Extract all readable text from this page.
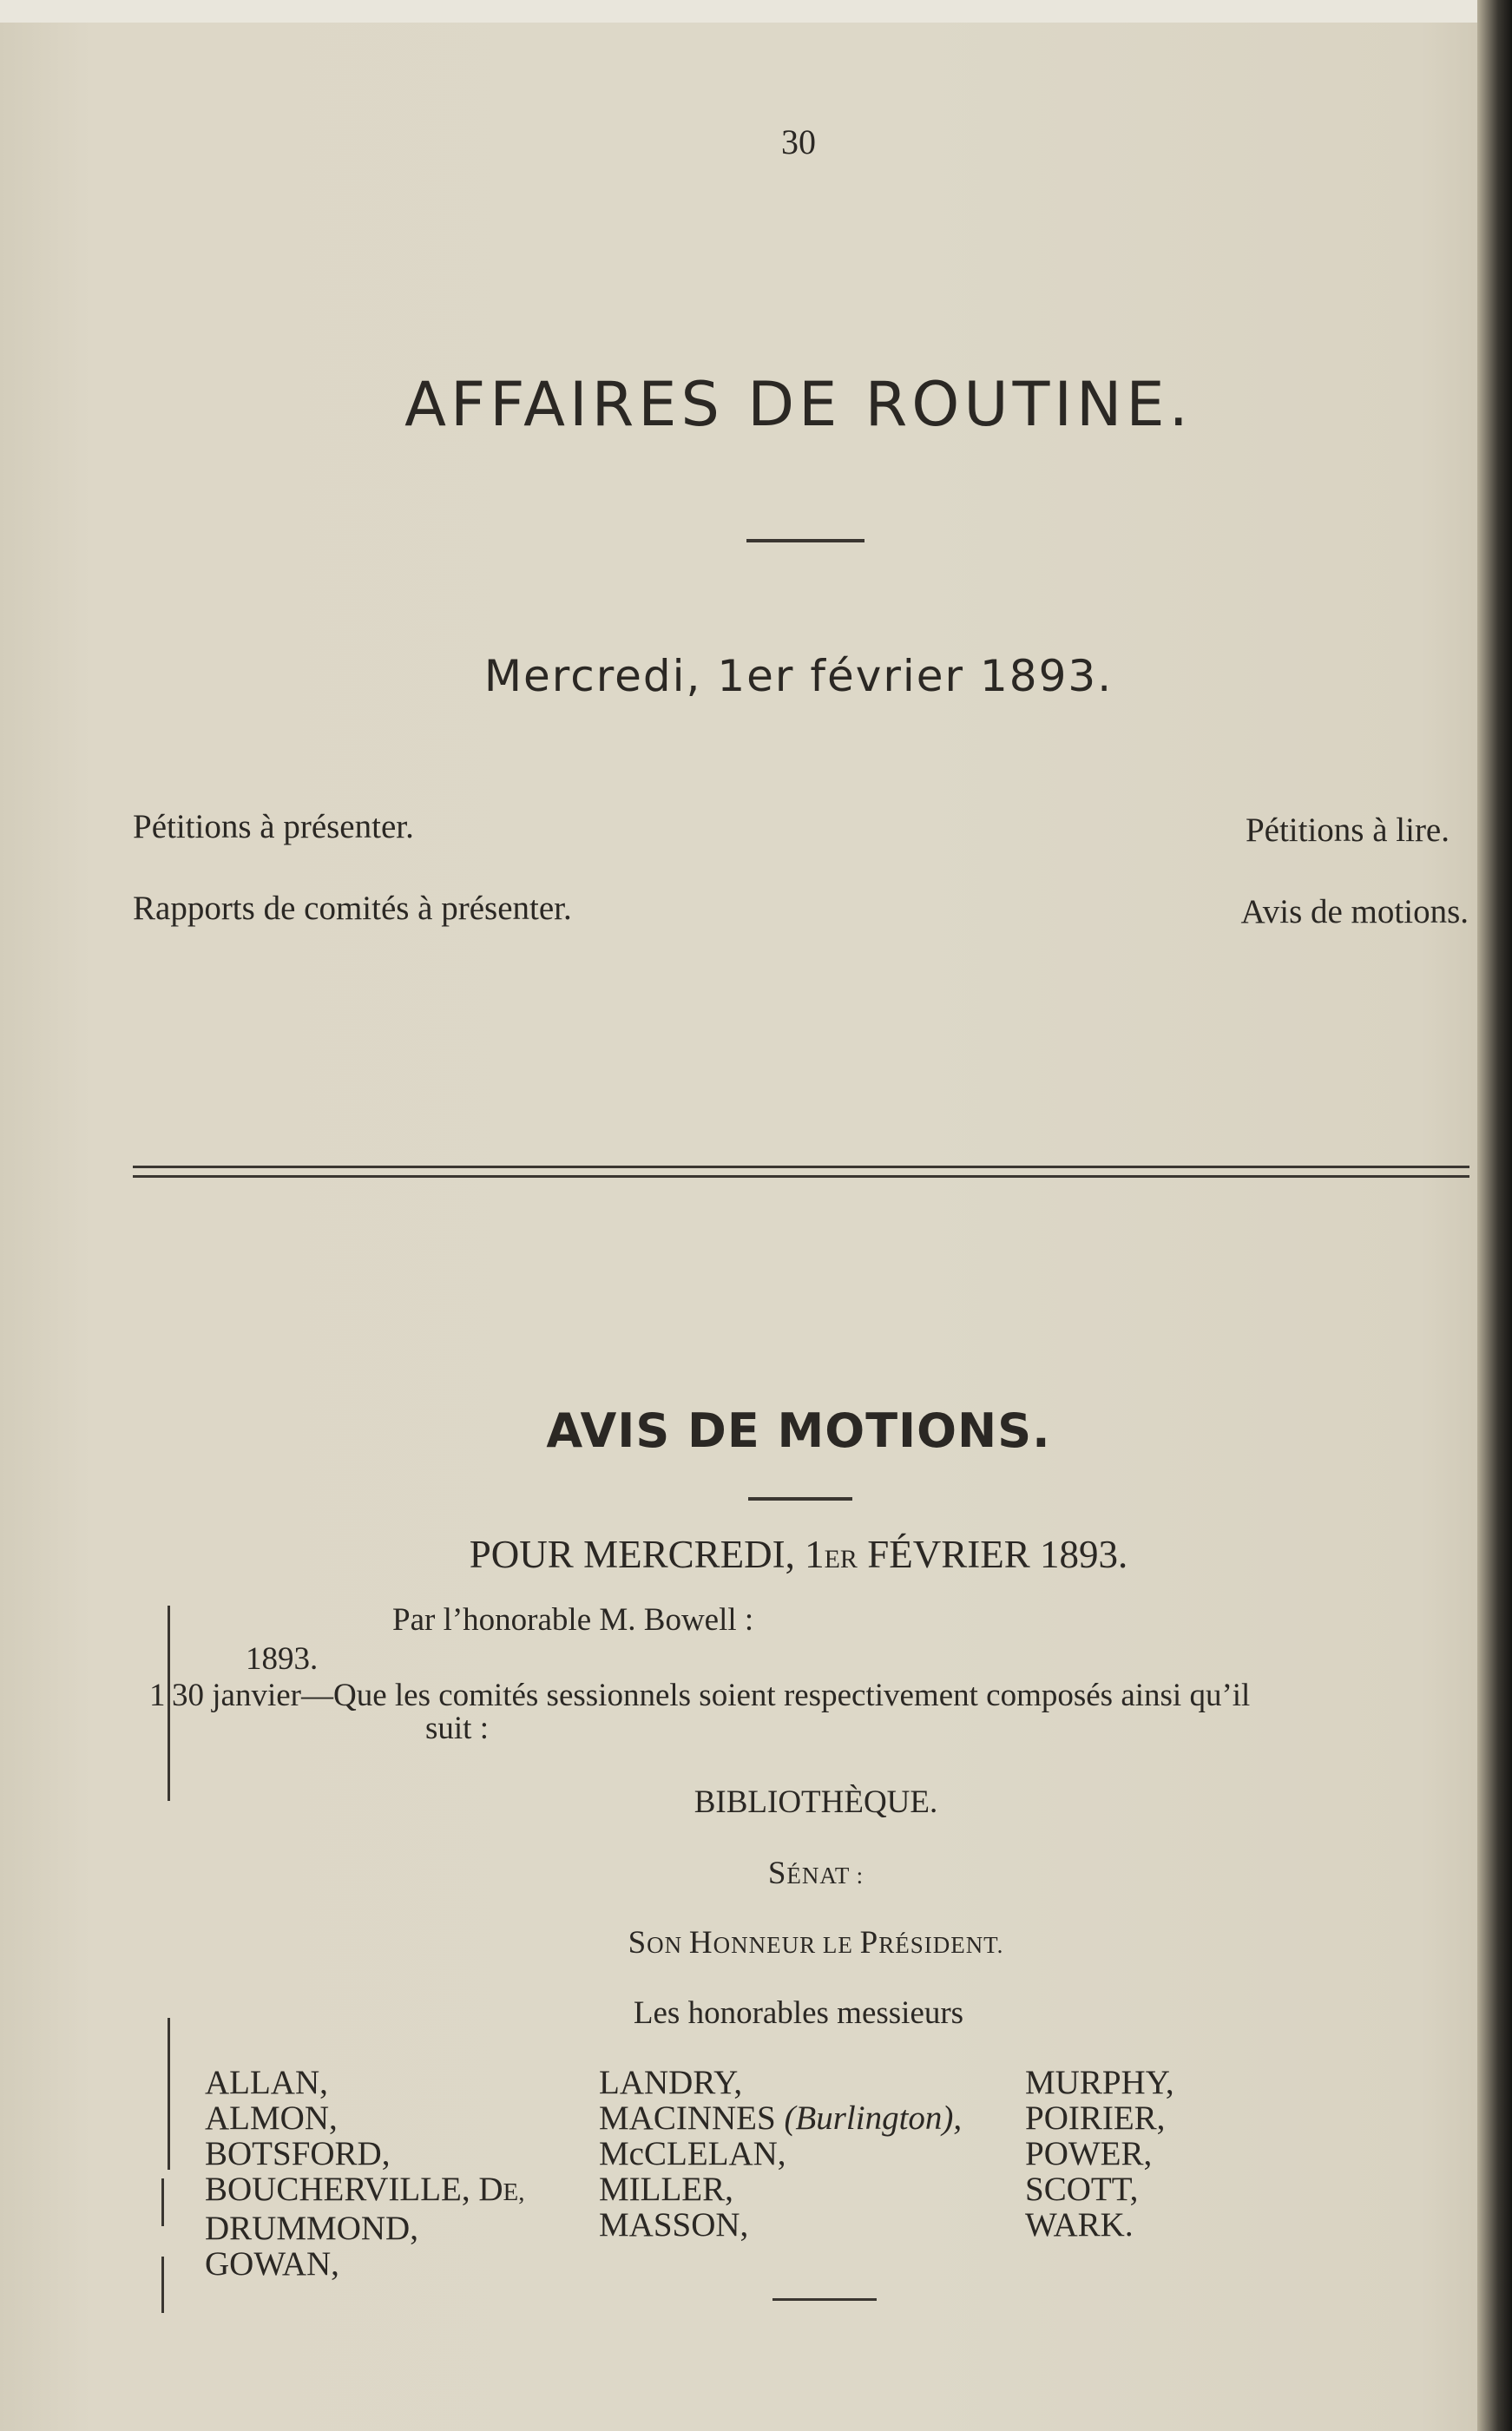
30
AFFAIRES DE ROUTINE.
Mercredi, 1er février 1893.
Pétitions à présenter.
Rapports de comités à présenter.
Pétitions à lire.
Avis de motions.
AVIS DE MOTIONS.
POUR MERCREDI, 1ER FÉVRIER 1893.
Par l’honorable M. Bowell :
1893.
1 30 janvier—Que les comités sessionnels soient respectivement composés ainsi qu’il
suit :
BIBLIOTHÈQUE.
SÉNAT :
SON HONNEUR LE PRÉSIDENT.
Les honorables messieurs
ALLAN,
ALMON,
BOTSFORD,
BOUCHERVILLE, DE,
DRUMMOND,
GOWAN,
LANDRY,
MACINNES (Burlington),
McCLELAN,
MILLER,
MASSON,
MURPHY,
POIRIER,
POWER,
SCOTT,
WARK.
